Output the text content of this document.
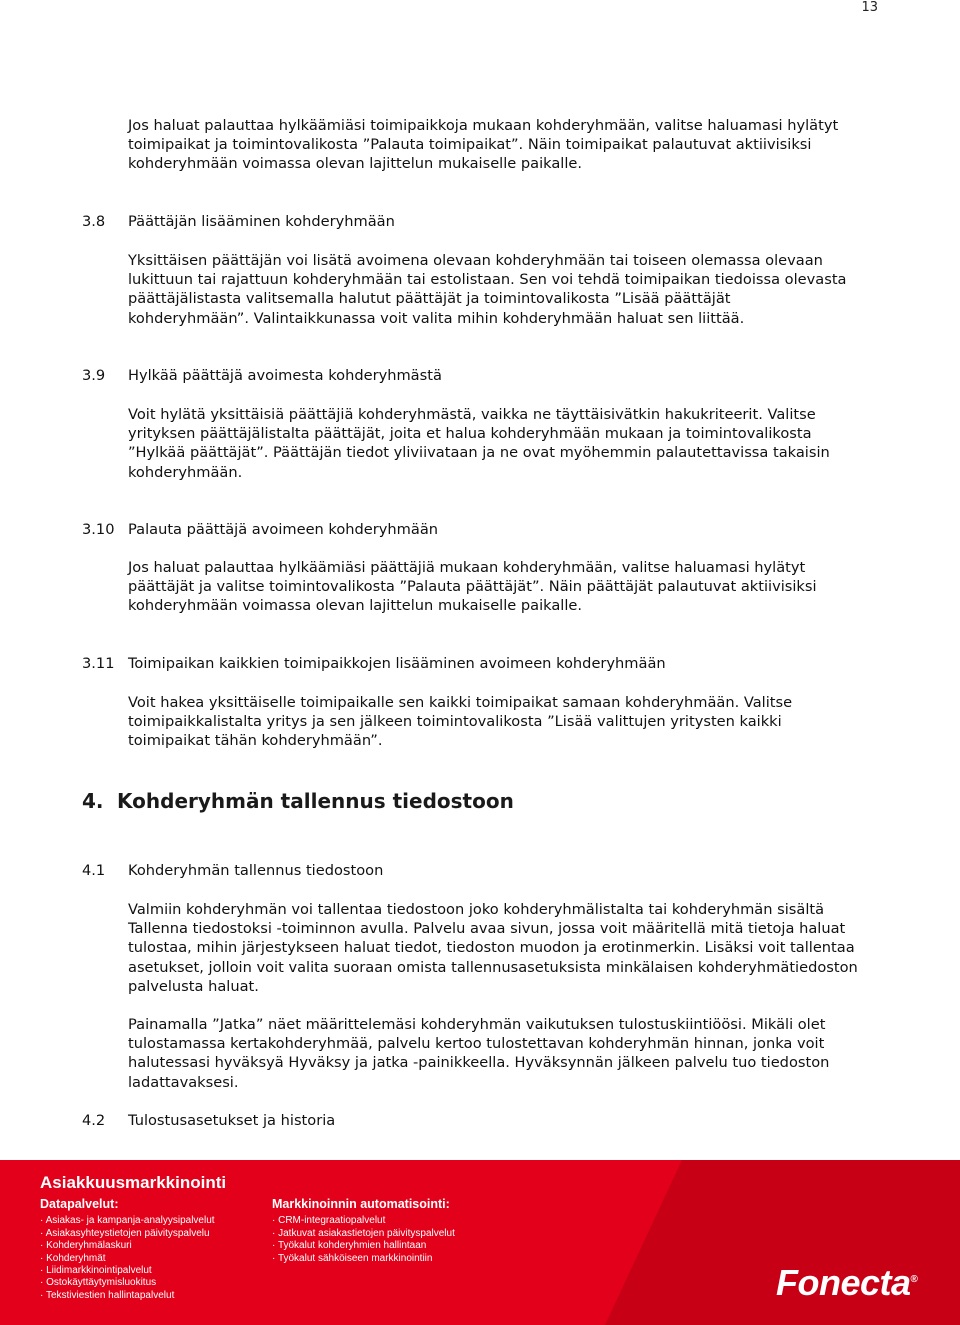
13
Jos haluat palauttaa hylkäämiäsi toimipaikkoja mukaan kohderyhmään, valitse haluamasi hylätyt
toimipaikat ja toimintovalikosta ”Palauta toimipaikat”. Näin toimipaikat palautuvat aktiivisiksi
kohderyhmään voimassa olevan lajittelun mukaiselle paikalle.
3.8 Päättäjän lisääminen kohderyhmään
Yksittäisen päättäjän voi lisätä avoimena olevaan kohderyhmään tai toiseen olemassa olevaan
lukittuun tai rajattuun kohderyhmään tai estolistaan. Sen voi tehdä toimipaikan tiedoissa olevasta
päättäjälistasta valitsemalla halutut päättäjät ja toimintovalikosta ”Lisää päättäjät
kohderyhmään”. Valintaikkunassa voit valita mihin kohderyhmään haluat sen liittää.
3.9 Hylkää päättäjä avoimesta kohderyhmästä
Voit hylätä yksittäisiä päättäjiä kohderyhmästä, vaikka ne täyttäisivätkin hakukriteerit. Valitse
yrityksen päättäjälistalta päättäjät, joita et halua kohderyhmään mukaan ja toimintovalikosta
”Hylkää päättäjät”. Päättäjän tiedot yliviivataan ja ne ovat myöhemmin palautettavissa takaisin
kohderyhmään.
3.10 Palauta päättäjä avoimeen kohderyhmään
Jos haluat palauttaa hylkäämiäsi päättäjiä mukaan kohderyhmään, valitse haluamasi hylätyt
päättäjät ja valitse toimintovalikosta ”Palauta päättäjät”. Näin päättäjät palautuvat aktiivisiksi
kohderyhmään voimassa olevan lajittelun mukaiselle paikalle.
3.11 Toimipaikan kaikkien toimipaikkojen lisääminen avoimeen kohderyhmään
Voit hakea yksittäiselle toimipaikalle sen kaikki toimipaikat samaan kohderyhmään. Valitse
toimipaikkalistalta yritys ja sen jälkeen toimintovalikosta ”Lisää valittujen yritysten kaikki
toimipaikat tähän kohderyhmään”.
4. Kohderyhmän tallennus tiedostoon
4.1 Kohderyhmän tallennus tiedostoon
Valmiin kohderyhmän voi tallentaa tiedostoon joko kohderyhmälistalta tai kohderyhmän sisältä
Tallenna tiedostoksi -toiminnon avulla. Palvelu avaa sivun, jossa voit määritellä mitä tietoja haluat
tulostaa, mihin järjestykseen haluat tiedot, tiedoston muodon ja erotinmerkin. Lisäksi voit tallentaa
asetukset, jolloin voit valita suoraan omista tallennusasetuksista minkälaisen kohderyhmätiedoston
palvelusta haluat.
Painamalla ”Jatka” näet määrittelemäsi kohderyhmän vaikutuksen tulostuskiintiöösi. Mikäli olet
tulostamassa kertakohderyhmää, palvelu kertoo tulostettavan kohderyhmän hinnan, jonka voit
halutessasi hyväksyä Hyväksy ja jatka -painikkeella. Hyväksynnän jälkeen palvelu tuo tiedoston
ladattavaksesi.
4.2 Tulostusasetukset ja historia
Asiakkuusmarkkinointi
Datapalvelut:
· Asiakas- ja kampanja-analyysipalvelut
· Asiakasyhteystietojen päivityspalvelu
· Kohderyhmälaskuri
· Kohderyhmät
· Liidimarkkinointipalvelut
· Ostokäyttäytymisluokitus
· Tekstiviestien hallintapalvelut
Markkinoinnin automatisointi:
· CRM-integraatiopalvelut
· Jatkuvat asiakastietojen päivityspalvelut
· Työkalut kohderyhmien hallintaan
· Työkalut sähköiseen markkinointiin
Fonecta®
